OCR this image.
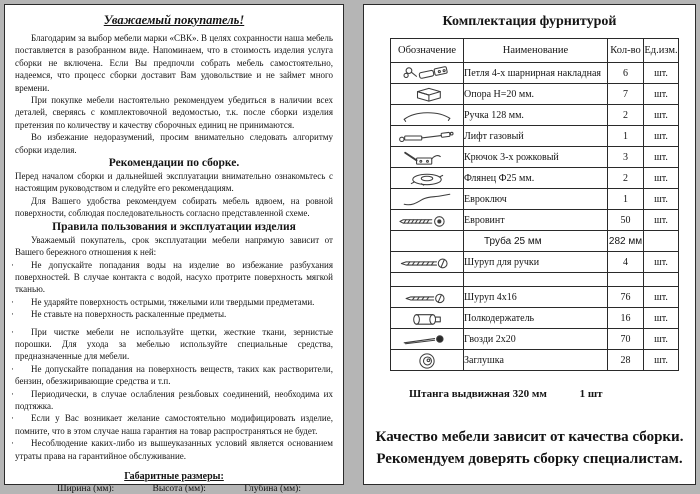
Уважаемый покупатель!

Благодарим за выбор мебели марки «СВК». В целях сохранности наша мебель поставляется в разобранном виде. Напоминаем, что в стоимость изделия услуга сборки не включена. Если Вы предпочли собрать мебель самостоятельно, надеемся, что процесс сборки доставит Вам удовольствие и не займет много времени.

При покупке мебели настоятельно рекомендуем убедиться в наличии всех деталей, сверяясь с комплектовочной ведомостью, т.к. после сборки изделия претензия по количеству и качеству сборочных единиц не принимаются.

Во избежание недоразумений, просим внимательно следовать алгоритму сборки изделия.

Рекомендации по сборке.

Перед началом сборки и дальнейшей эксплуатации внимательно ознакомьтесь с настоящим руководством и следуйте его рекомендациям.

Для Вашего удобства рекомендуем собирать мебель вдвоем, на ровной поверхности, соблюдая последовательность согласно представленной схеме.

Правила пользования и эксплуатации изделия

Уважаемый покупатель, срок эксплуатации мебели напрямую зависит от Вашего бережного отношения к ней:

· Не допускайте попадания воды на изделие во избежание разбухания поверхностей. В случае контакта с водой, насухо протрите поверхность мягкой тканью.
· Не ударяйте поверхность острыми, тяжелыми или твердыми предметами.
· Не ставьте на поверхность раскаленные предметы.
· При чистке мебели не используйте щетки, жесткие ткани, зернистые порошки. Для ухода за мебелью используйте специальные средства, предназначенные для мебели.
· Не допускайте попадания на поверхность веществ, таких как растворители, бензин, обезжиривающие средства и т.п.
· Периодически, в случае ослабления резьбовых соединений, необходима их подтяжка.
· Если у Вас возникает желание самостоятельно модифицировать изделие, помните, что в этом случае наша гарантия на товар распространяться не будет.
· Несоблюдение каких-либо из вышеуказанных условий является основанием утраты права на гарантийное обслуживание.
Габаритные размеры:
Ширина (мм):	Высота (мм):	Глубина (мм):
Комплектация фурнитурой
Обозначение	Наименование	Кол-во	Ед.изм.

	Петля 4-х шарнирная накладная	6	шт.

	Опора Н=20 мм.	7	шт.

	Ручка 128 мм.	2	шт.

	Лифт газовый	1	шт.

	Крючок 3-х рожковый	3	шт.

	Флянец Ф25 мм.	2	шт.

	Евроключ	1	шт.

	Евровинт	50	шт.
	Труба 25 мм	282 мм	

	Шуруп для ручки	4	шт.

	Шуруп 4x16	76	шт.

	Полкодержатель	16	шт.

	Гвозди 2x20	70	шт.

	Заглушка	28	шт.
Штанга выдвижная 320 мм	1 шт
Качество мебели зависит от качества сборки.
Рекомендуем доверять сборку специалистам.
